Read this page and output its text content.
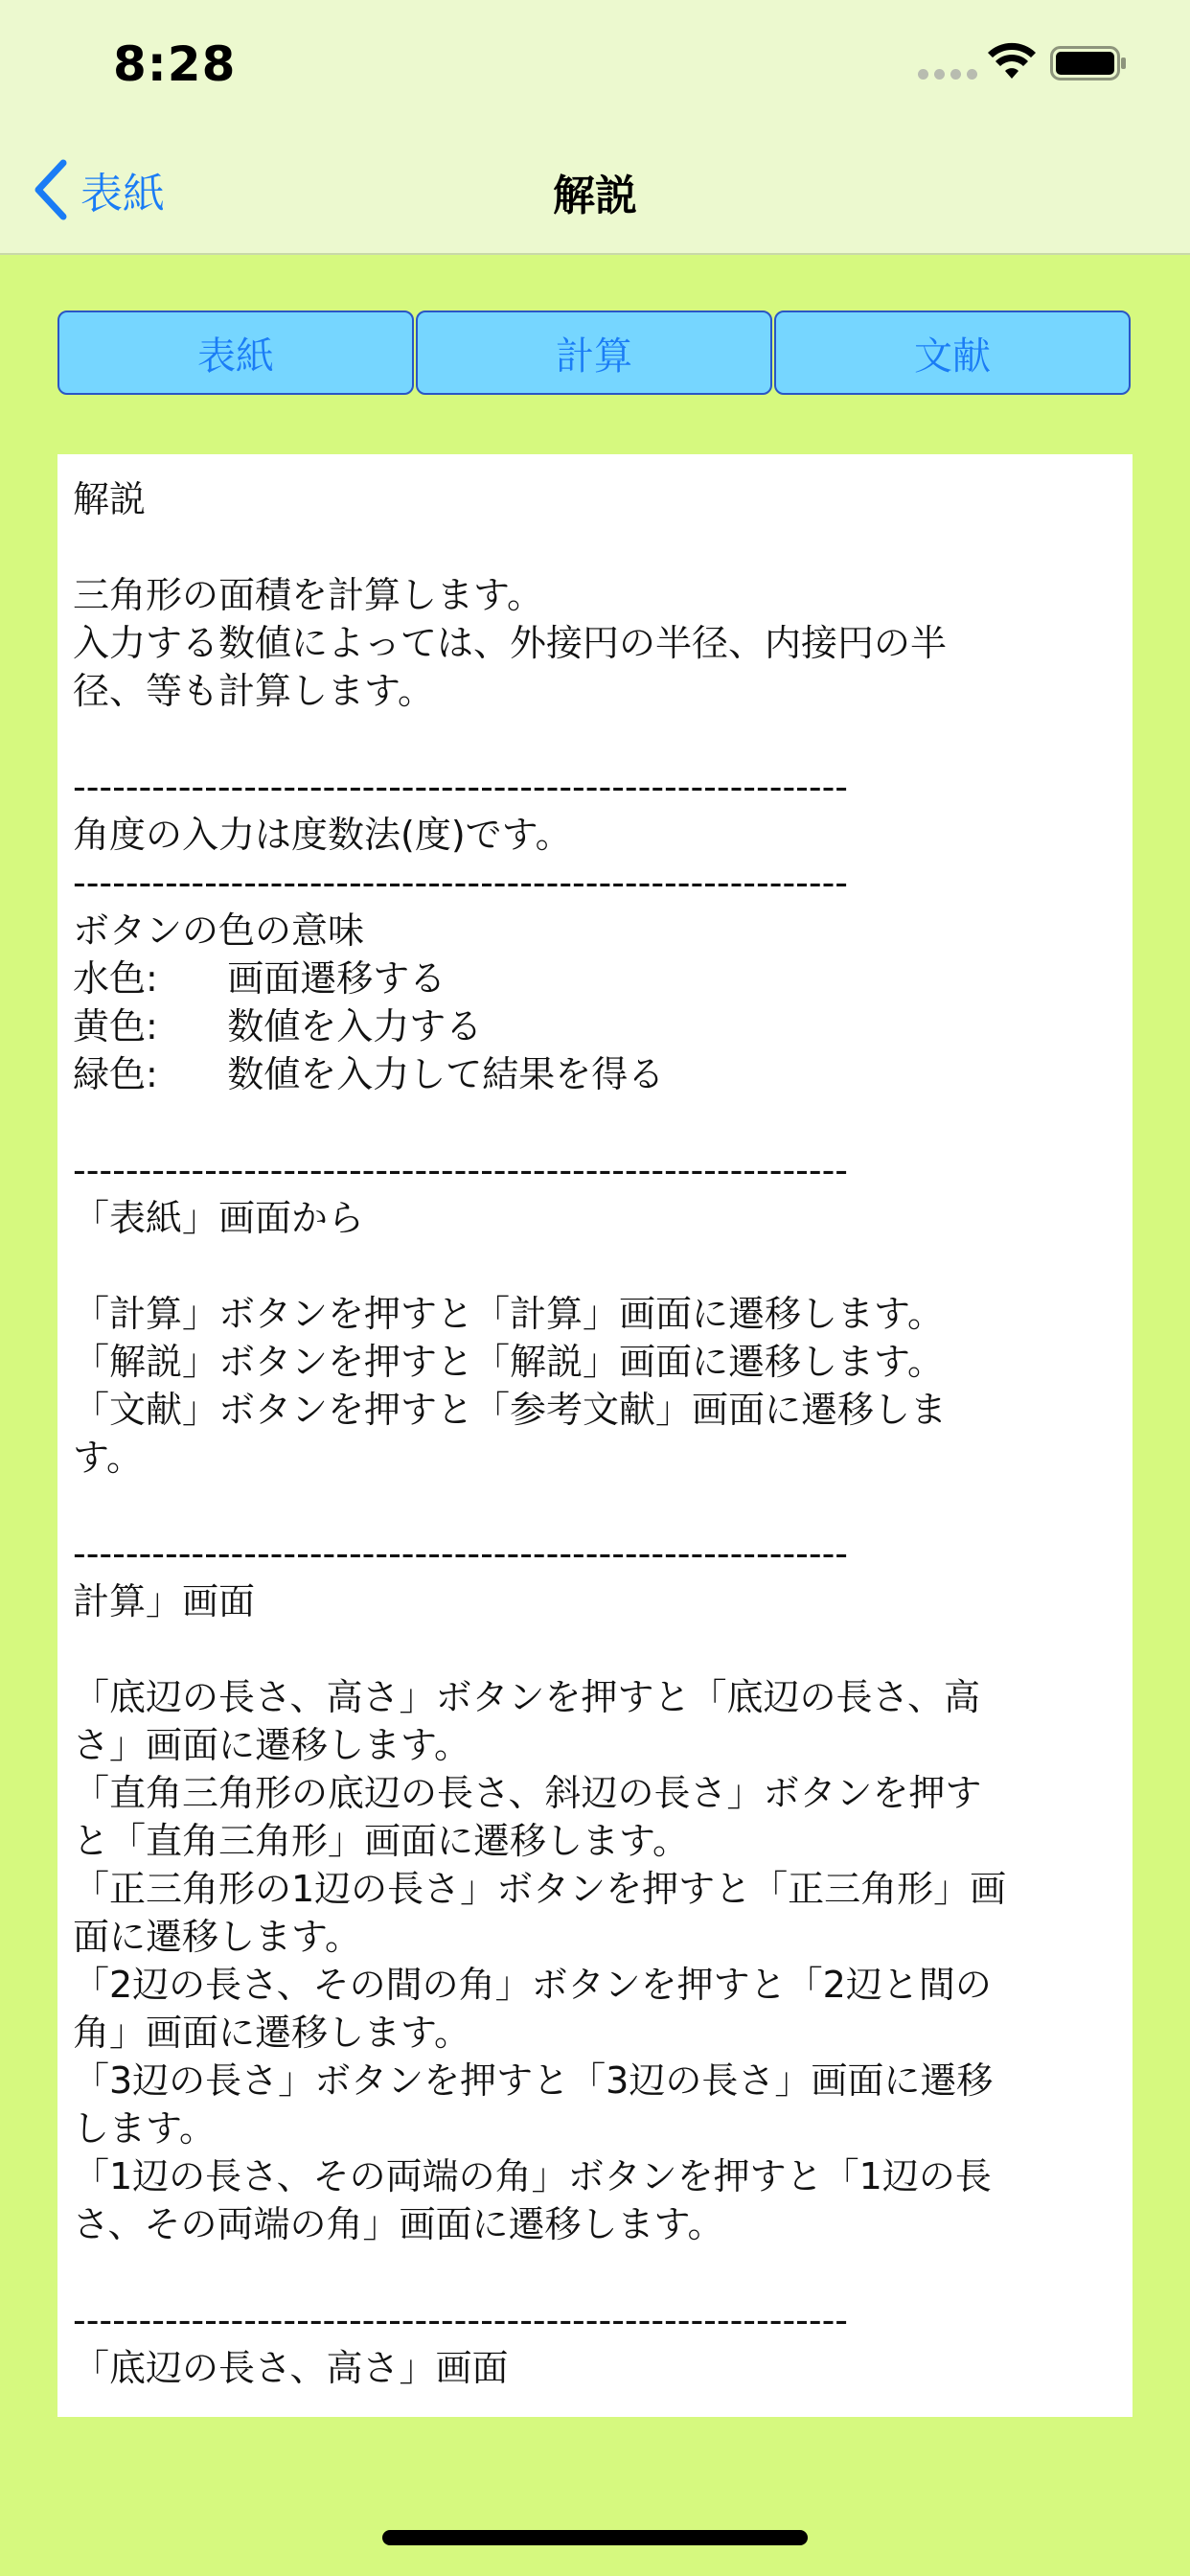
8:28
表紙	解説
表紙	計算	文献
解説
三角形の面積を計算します。
入力する数値によっては、外接円の半径、内接円の半
径、等も計算します。
-----------------------------------------------------------
角度の入力は度数法(度)です。
-----------------------------------------------------------
ボタンの色の意味
水色:      画面遷移する
黄色:      数値を入力する
緑色:      数値を入力して結果を得る
-----------------------------------------------------------
「表紙」画面から
「計算」ボタンを押すと「計算」画面に遷移します。
「解説」ボタンを押すと「解説」画面に遷移します。
「文献」ボタンを押すと「参考文献」画面に遷移しま
す。
-----------------------------------------------------------
計算」画面
「底辺の長さ、高さ」ボタンを押すと「底辺の長さ、高
さ」画面に遷移します。
「直角三角形の底辺の長さ、斜辺の長さ」ボタンを押す
と「直角三角形」画面に遷移します。
「正三角形の1辺の長さ」ボタンを押すと「正三角形」画
面に遷移します。
「2辺の長さ、その間の角」ボタンを押すと「2辺と間の
角」画面に遷移します。
「3辺の長さ」ボタンを押すと「3辺の長さ」画面に遷移
します。
「1辺の長さ、その両端の角」ボタンを押すと「1辺の長
さ、その両端の角」画面に遷移します。
-----------------------------------------------------------
「底辺の長さ、高さ」画面
